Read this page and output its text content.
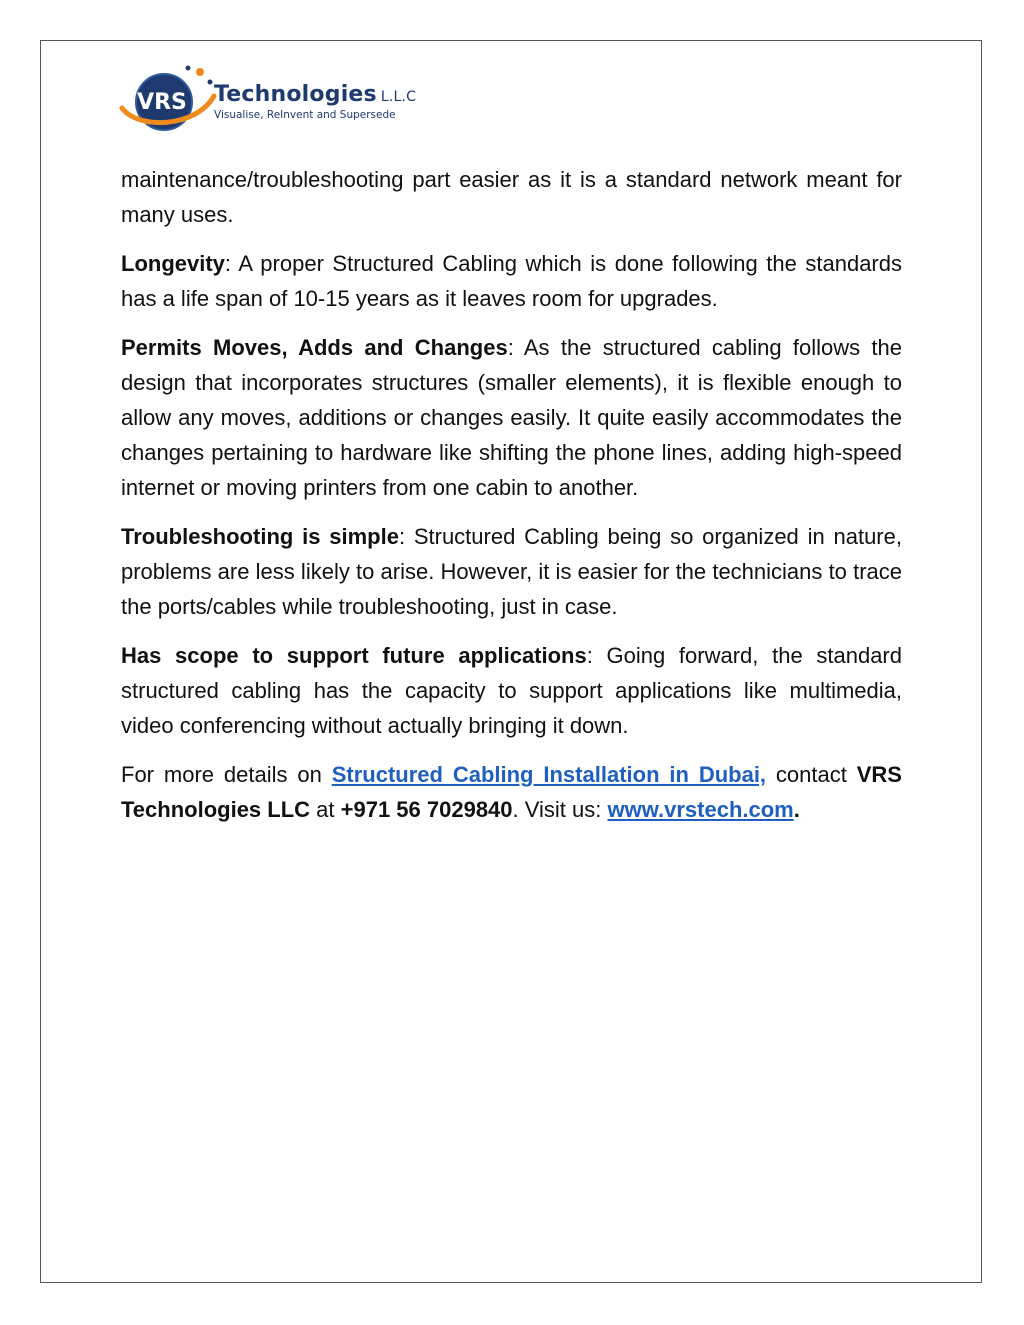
VRS Technologies L.L.C
Visualise, ReInvent and Supersede

maintenance/troubleshooting part easier as it is a standard network meant for many uses.

Longevity: A proper Structured Cabling which is done following the standards has a life span of 10-15 years as it leaves room for upgrades.

Permits Moves, Adds and Changes: As the structured cabling follows the design that incorporates structures (smaller elements), it is flexible enough to allow any moves, additions or changes easily. It quite easily accommodates the changes pertaining to hardware like shifting the phone lines, adding high-speed internet or moving printers from one cabin to another.

Troubleshooting is simple: Structured Cabling being so organized in nature, problems are less likely to arise. However, it is easier for the technicians to trace the ports/cables while troubleshooting, just in case.

Has scope to support future applications: Going forward, the standard structured cabling has the capacity to support applications like multimedia, video conferencing without actually bringing it down.

For more details on Structured Cabling Installation in Dubai, contact VRS Technologies LLC at +971 56 7029840. Visit us: www.vrstech.com.
